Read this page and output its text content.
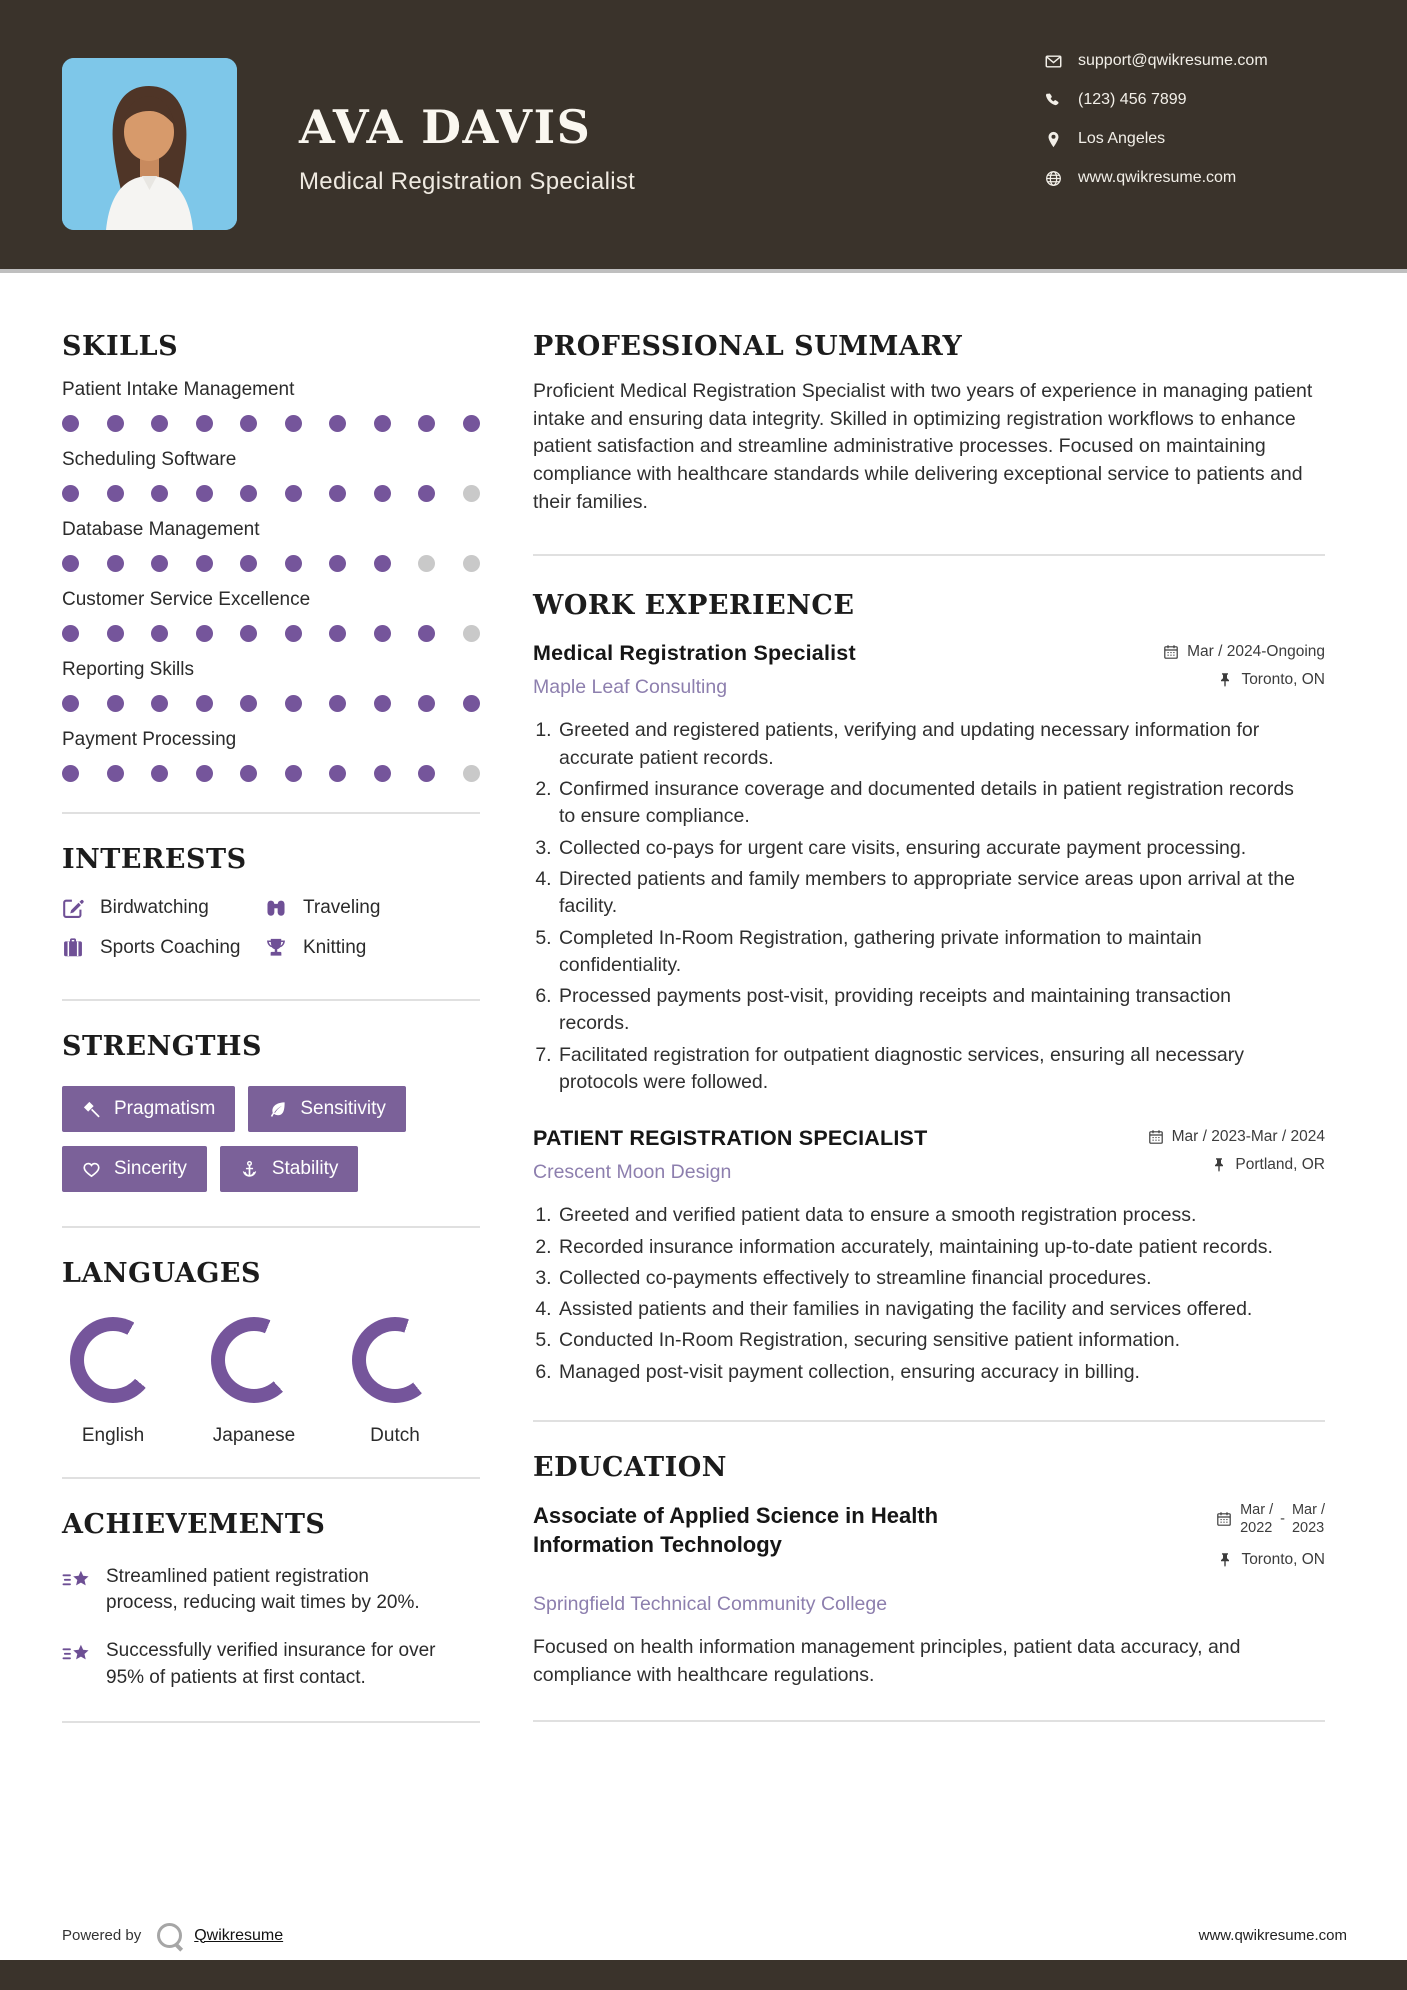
AVA DAVIS
Medical Registration Specialist
support@qwikresume.com
(123) 456 7899
Los Angeles
www.qwikresume.com
SKILLS
Patient Intake Management
Scheduling Software
Database Management
Customer Service Excellence
Reporting Skills
Payment Processing
INTERESTS
Birdwatching	Traveling
Sports Coaching	Knitting
STRENGTHS
Pragmatism	Sensitivity
Sincerity	Stability
LANGUAGES
English	Japanese	Dutch
ACHIEVEMENTS
Streamlined patient registration process, reducing wait times by 20%.
Successfully verified insurance for over 95% of patients at first contact.
PROFESSIONAL SUMMARY

Proficient Medical Registration Specialist with two years of experience in managing patient intake and ensuring data integrity. Skilled in optimizing registration workflows to enhance patient satisfaction and streamline administrative processes. Focused on maintaining compliance with healthcare standards while delivering exceptional service to patients and their families.

WORK EXPERIENCE
Medical Registration Specialist
Maple Leaf Consulting
Mar / 2024-Ongoing
Toronto, ON
1. Greeted and registered patients, verifying and updating necessary information for accurate patient records.
2. Confirmed insurance coverage and documented details in patient registration records to ensure compliance.
3. Collected co-pays for urgent care visits, ensuring accurate payment processing.
4. Directed patients and family members to appropriate service areas upon arrival at the facility.
5. Completed In-Room Registration, gathering private information to maintain confidentiality.
6. Processed payments post-visit, providing receipts and maintaining transaction records.
7. Facilitated registration for outpatient diagnostic services, ensuring all necessary protocols were followed.
PATIENT REGISTRATION SPECIALIST
Crescent Moon Design
Mar / 2023-Mar / 2024
Portland, OR
1. Greeted and verified patient data to ensure a smooth registration process.
2. Recorded insurance information accurately, maintaining up-to-date patient records.
3. Collected co-payments effectively to streamline financial procedures.
4. Assisted patients and their families in navigating the facility and services offered.
5. Conducted In-Room Registration, securing sensitive patient information.
6. Managed post-visit payment collection, ensuring accuracy in billing.
EDUCATION
Associate of Applied Science in Health Information Technology
Mar /
2022
-
Mar /
2023
Toronto, ON
Springfield Technical Community College

Focused on health information management principles, patient data accuracy, and compliance with healthcare regulations.

Powered by	Qwikresume	www.qwikresume.com
